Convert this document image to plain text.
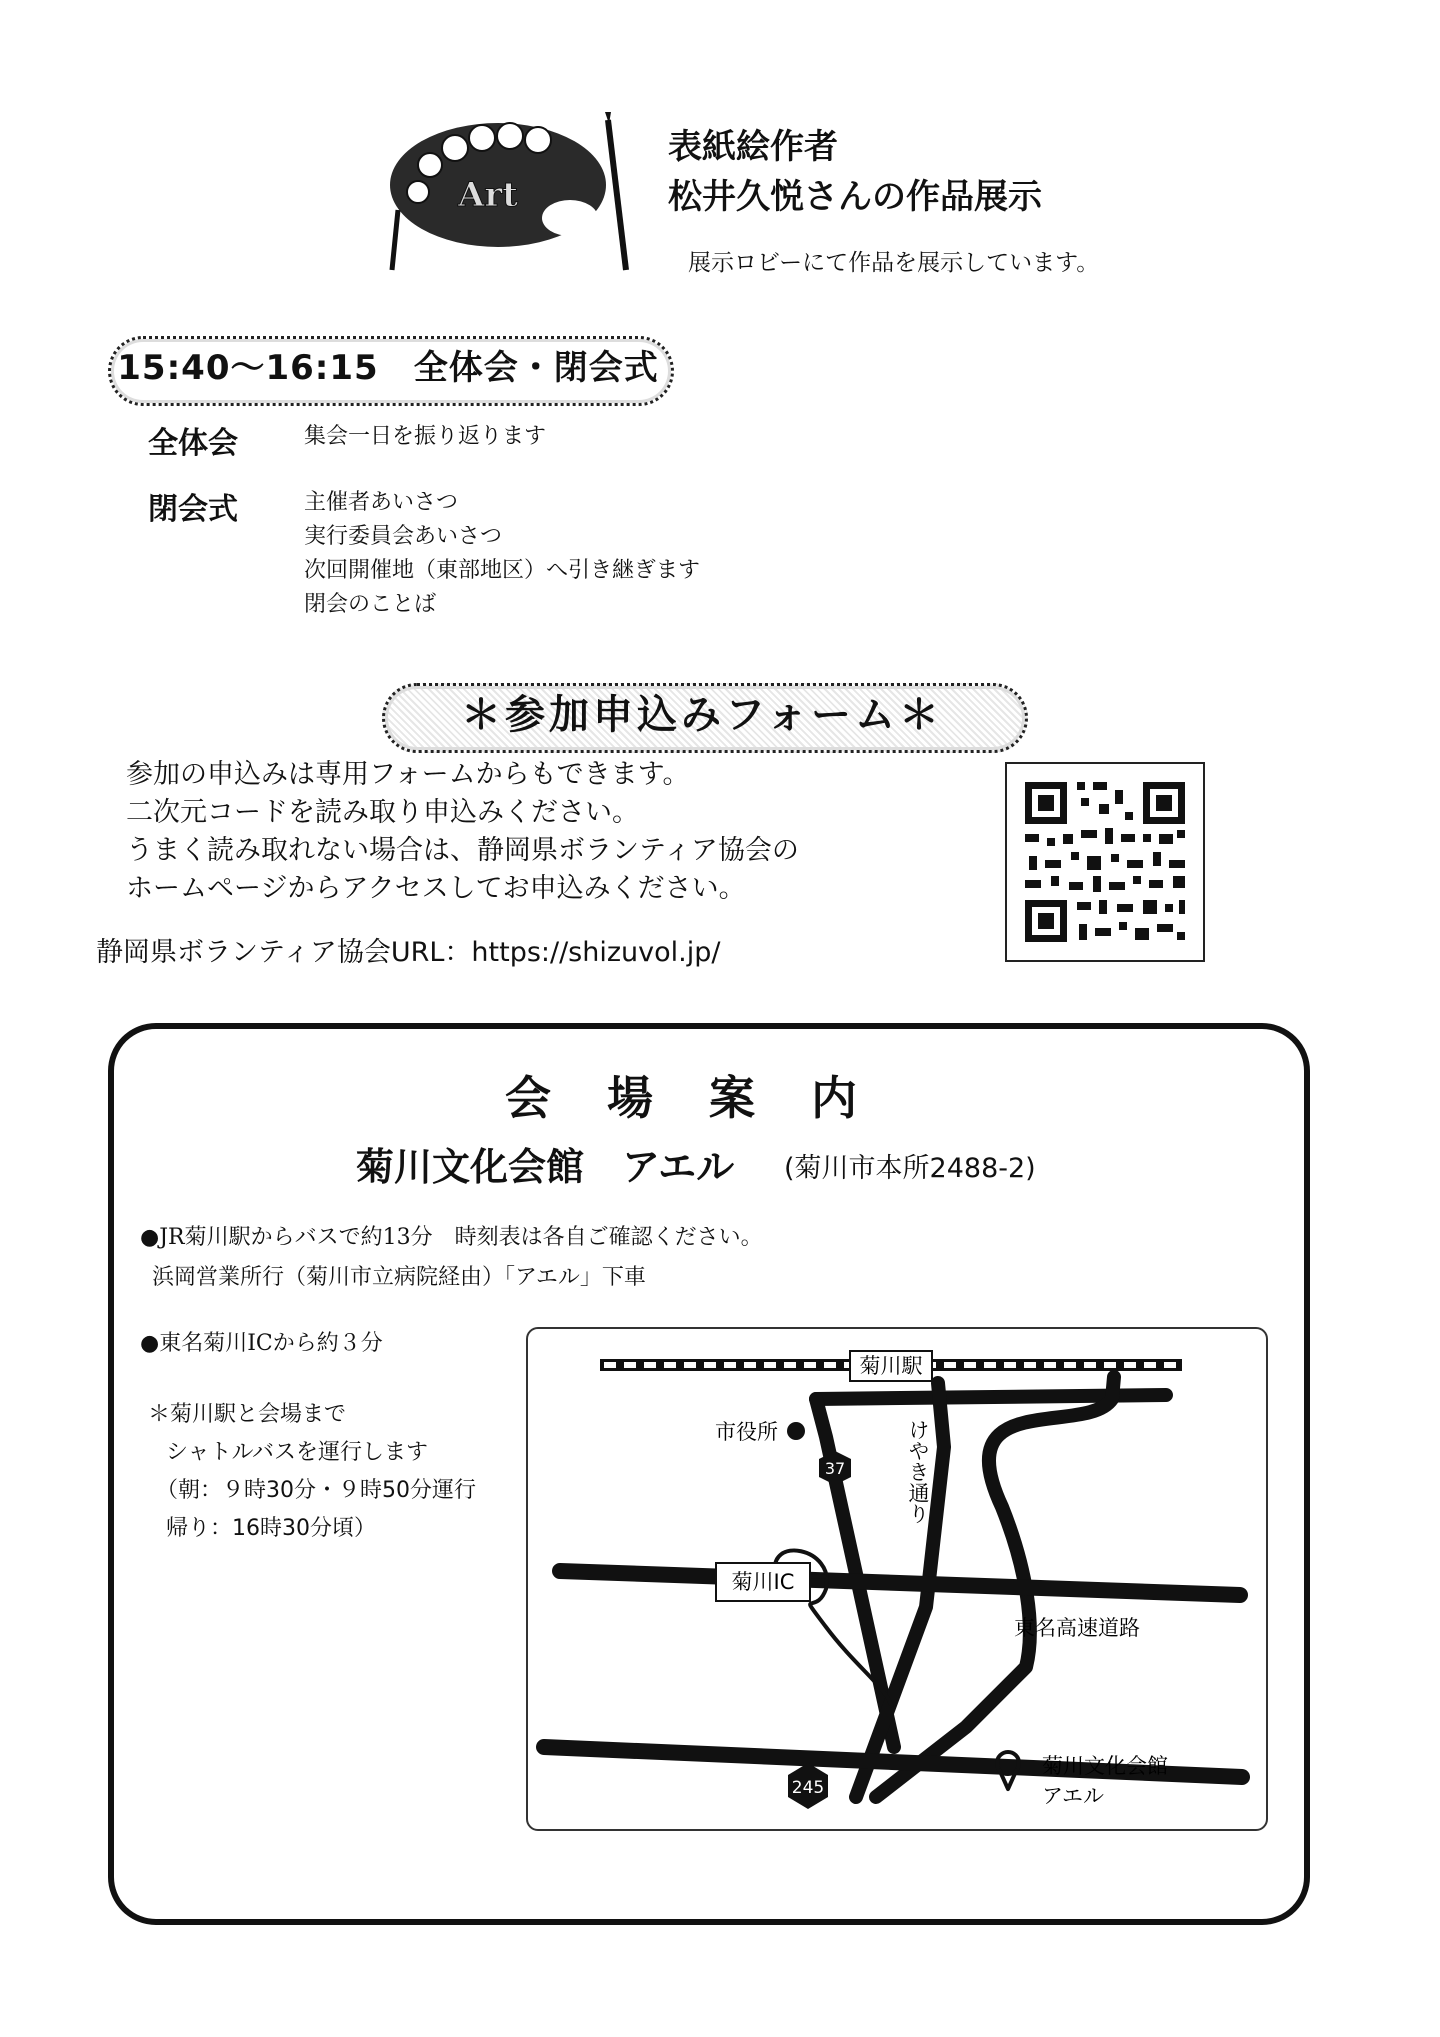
Art
表紙絵作者
松井久悦さんの作品展示
展示ロビーにて作品を展示しています。
15:40～16:15　全体会・閉会式
全体会	集会一日を振り返ります
閉会式	主催者あいさつ
実行委員会あいさつ
次回開催地（東部地区）へ引き継ぎます
閉会のことば
＊参加申込みフォーム＊
参加の申込みは専用フォームからもできます。
二次元コードを読み取り申込みください。
うまく読み取れない場合は、静岡県ボランティア協会の
ホームページからアクセスしてお申込みください。
静岡県ボランティア協会URL：https://shizuvol.jp/
会場案内
菊川文化会館　アエル (菊川市本所2488-2)
●JR菊川駅からバスで約13分　時刻表は各自ご確認ください。
浜岡営業所行（菊川市立病院経由）「アエル」下車
●東名菊川ICから約３分
＊菊川駅と会場まで
シャトルバスを運行します
（朝：９時30分・９時50分運行
帰り：16時30分頃）
菊川駅
市役所
37	けやき通り
菊川IC
東名高速道路
245
菊川文化会館
アエル
